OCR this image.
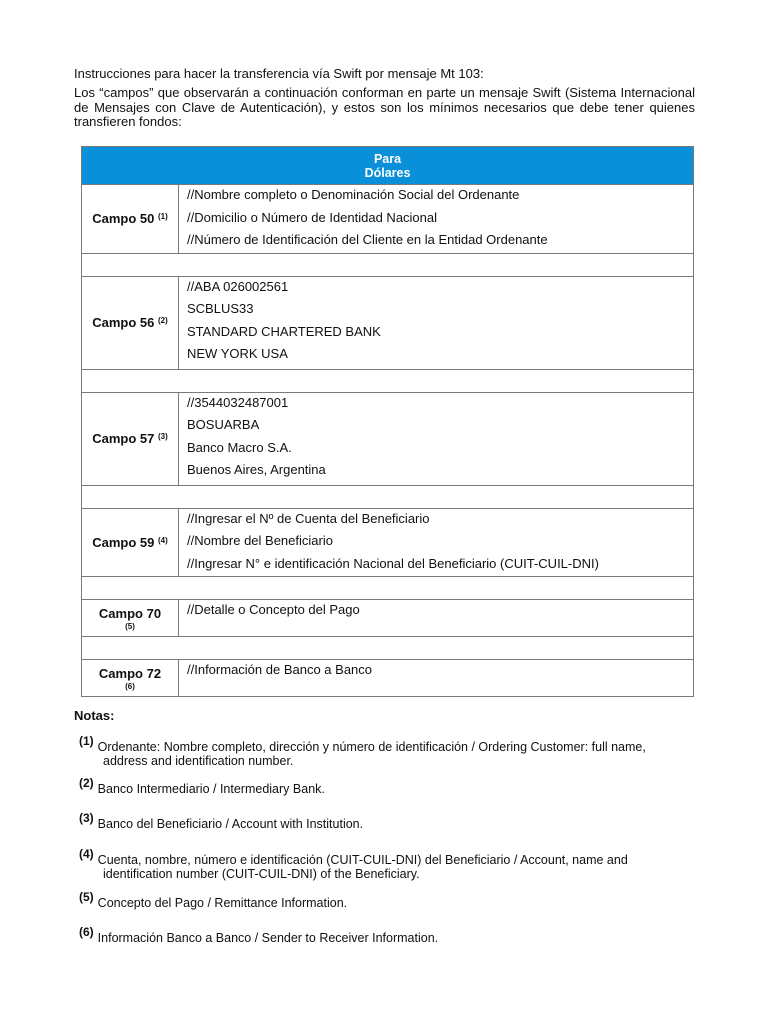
Instrucciones para hacer la transferencia vía Swift por mensaje Mt 103:
Los “campos” que observarán a continuación conforman en parte un mensaje Swift (Sistema Internacional de Mensajes con Clave de Autenticación), y estos son los mínimos necesarios que debe tener quienes transfieren fondos:
Para
Dólares	

Campo 50 $^{(1)}$	//Nombre completo o Denominación Social del Ordenante
//Domicilio o Número de Identidad Nacional
//Número de Identificación del Cliente en la Entidad Ordenante

Campo 56 $^{(2)}$	//ABA 026002561
SCBLUS33
STANDARD CHARTERED BANK
NEW YORK USA

Campo 57 $^{(3)}$	//3544032487001
BOSUARBA
Banco Macro S.A.
Buenos Aires, Argentina

Campo 59 $^{(4)}$	//Ingresar el Nº de Cuenta del Beneficiario
//Nombre del Beneficiario
//Ingresar N° e identificación Nacional del Beneficiario (CUIT-CUIL-DNI)

Campo 70
(5)	//Detalle o Concepto del Pago

Campo 72
(6)	//Información de Banco a Banco
Notas:
(1) Ordenante: Nombre completo, dirección y número de identificación / Ordering Customer: full name,
address and identification number.
(2) Banco Intermediario / Intermediary Bank.
(3) Banco del Beneficiario / Account with Institution.
(4) Cuenta, nombre, número e identificación (CUIT-CUIL-DNI) del Beneficiario / Account, name and
identification number (CUIT-CUIL-DNI) of the Beneficiary.
(5) Concepto del Pago / Remittance Information.
(6) Información Banco a Banco / Sender to Receiver Information.
